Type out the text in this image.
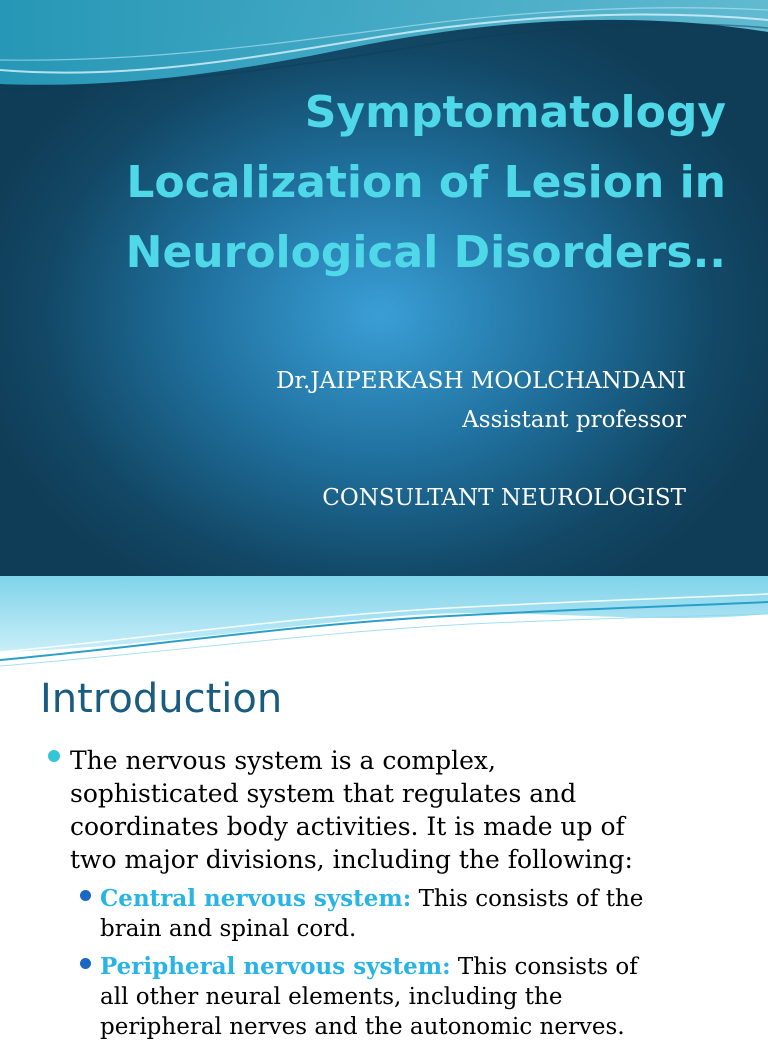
Symptomatology
Localization of Lesion in
Neurological Disorders..
Dr.JAIPERKASH MOOLCHANDANI
Assistant professor
CONSULTANT NEUROLOGIST
Introduction
The nervous system is a complex,
sophisticated system that regulates and
coordinates body activities. It is made up of
two major divisions, including the following:
Central nervous system: This consists of the
brain and spinal cord.
Peripheral nervous system: This consists of
all other neural elements, including the
peripheral nerves and the autonomic nerves.
